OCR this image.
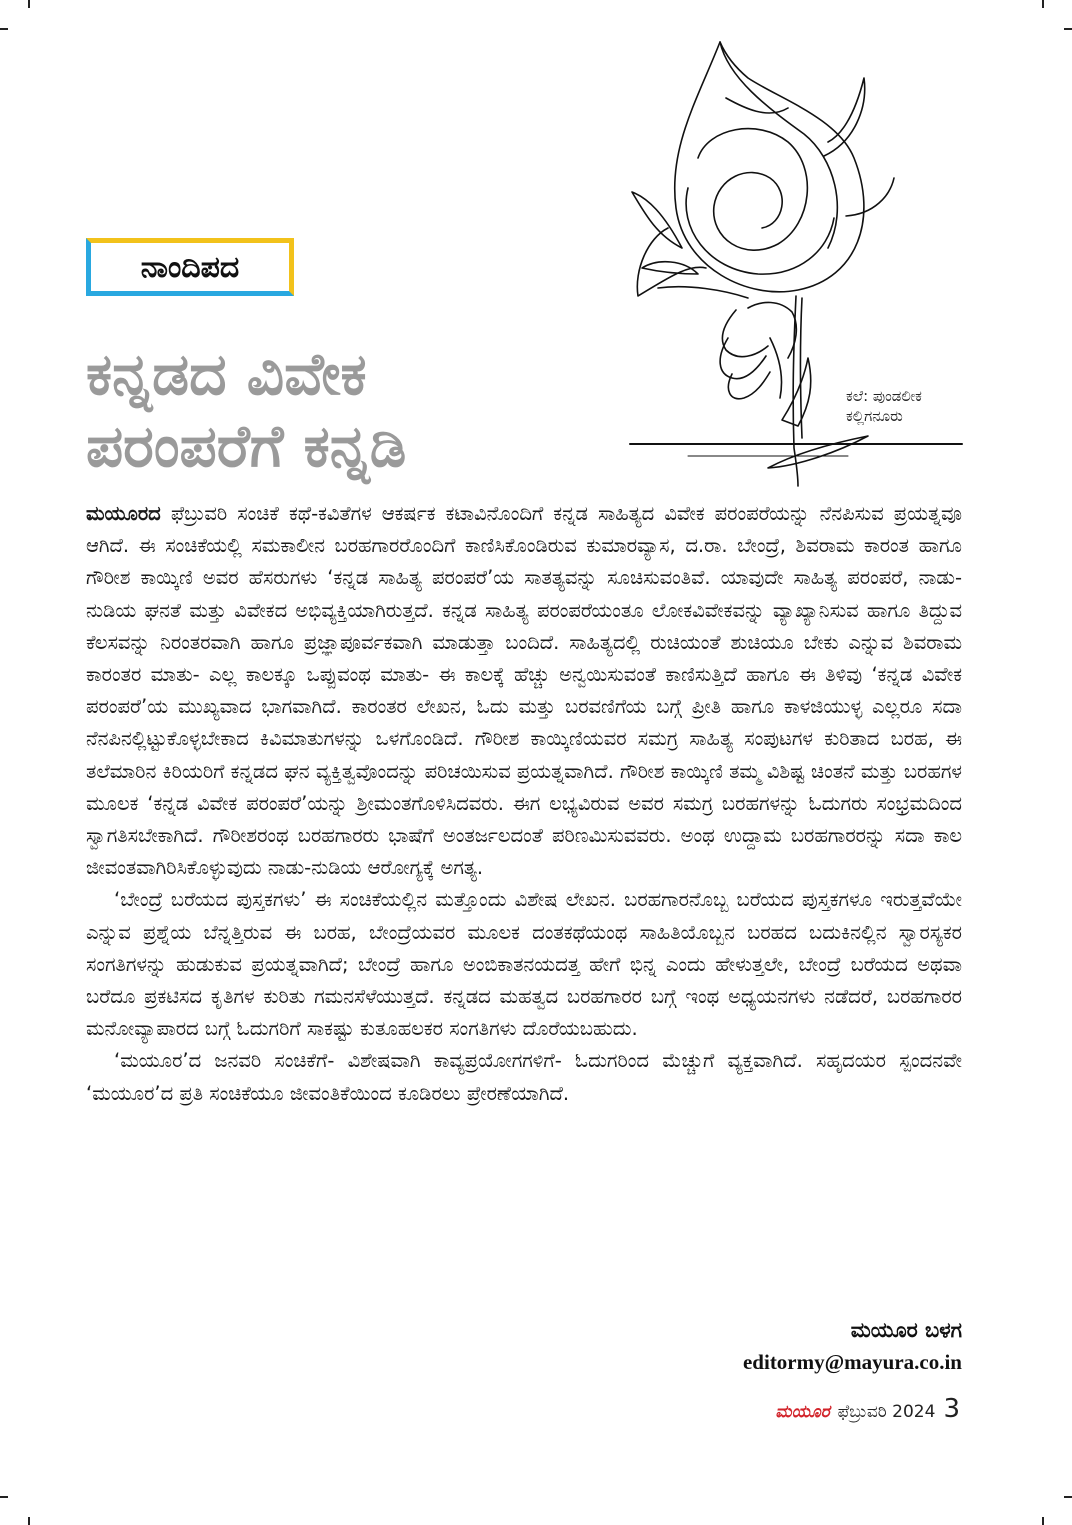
ನಾಂದಿಪದ
ಕನ್ನಡದ ವಿವೇಕ
ಪರಂಪರೆಗೆ ಕನ್ನಡಿ
ಕಲೆ: ಪುಂಡಲೀಕ
ಕಲ್ಲಿಗನೂರು

ಮಯೂರದ ಫೆಬ್ರುವರಿ ಸಂಚಿಕೆ ಕಥೆ-ಕವಿತೆಗಳ ಆಕರ್ಷಕ ಕಟಾವಿನೊಂದಿಗೆ ಕನ್ನಡ ಸಾಹಿತ್ಯದ ವಿವೇಕ ಪರಂಪರೆಯನ್ನು ನೆನಪಿಸುವ ಪ್ರಯತ್ನವೂ ಆಗಿದೆ. ಈ ಸಂಚಿಕೆಯಲ್ಲಿ ಸಮಕಾಲೀನ ಬರಹಗಾರರೊಂದಿಗೆ ಕಾಣಿಸಿಕೊಂಡಿರುವ ಕುಮಾರವ್ಯಾಸ, ದ.ರಾ. ಬೇಂದ್ರೆ, ಶಿವರಾಮ ಕಾರಂತ ಹಾಗೂ ಗೌರೀಶ ಕಾಯ್ಕಿಣಿ ಅವರ ಹೆಸರುಗಳು ‘ಕನ್ನಡ ಸಾಹಿತ್ಯ ಪರಂಪರೆ’ಯ ಸಾತತ್ಯವನ್ನು ಸೂಚಿಸುವಂತಿವೆ. ಯಾವುದೇ ಸಾಹಿತ್ಯ ಪರಂಪರೆ, ನಾಡು-ನುಡಿಯ ಘನತೆ ಮತ್ತು ವಿವೇಕದ ಅಭಿವ್ಯಕ್ತಿಯಾಗಿರುತ್ತದೆ. ಕನ್ನಡ ಸಾಹಿತ್ಯ ಪರಂಪರೆಯಂತೂ ಲೋಕವಿವೇಕವನ್ನು ವ್ಯಾಖ್ಯಾನಿಸುವ ಹಾಗೂ ತಿದ್ದುವ ಕೆಲಸವನ್ನು ನಿರಂತರವಾಗಿ ಹಾಗೂ ಪ್ರಜ್ಞಾಪೂರ್ವಕವಾಗಿ ಮಾಡುತ್ತಾ ಬಂದಿದೆ. ಸಾಹಿತ್ಯದಲ್ಲಿ ರುಚಿಯಂತೆ ಶುಚಿಯೂ ಬೇಕು ಎನ್ನುವ ಶಿವರಾಮ ಕಾರಂತರ ಮಾತು- ಎಲ್ಲ ಕಾಲಕ್ಕೂ ಒಪ್ಪುವಂಥ ಮಾತು- ಈ ಕಾಲಕ್ಕೆ ಹೆಚ್ಚು ಅನ್ವಯಿಸುವಂತೆ ಕಾಣಿಸುತ್ತಿದೆ ಹಾಗೂ ಈ ತಿಳಿವು ‘ಕನ್ನಡ ವಿವೇಕ ಪರಂಪರೆ’ಯ ಮುಖ್ಯವಾದ ಭಾಗವಾಗಿದೆ. ಕಾರಂತರ ಲೇಖನ, ಓದು ಮತ್ತು ಬರವಣಿಗೆಯ ಬಗ್ಗೆ ಪ್ರೀತಿ ಹಾಗೂ ಕಾಳಜಿಯುಳ್ಳ ಎಲ್ಲರೂ ಸದಾ ನೆನಪಿನಲ್ಲಿಟ್ಟುಕೊಳ್ಳಬೇಕಾದ ಕಿವಿಮಾತುಗಳನ್ನು ಒಳಗೊಂಡಿದೆ. ಗೌರೀಶ ಕಾಯ್ಕಿಣಿಯವರ ಸಮಗ್ರ ಸಾಹಿತ್ಯ ಸಂಪುಟಗಳ ಕುರಿತಾದ ಬರಹ, ಈ ತಲೆಮಾರಿನ ಕಿರಿಯರಿಗೆ ಕನ್ನಡದ ಘನ ವ್ಯಕ್ತಿತ್ವವೊಂದನ್ನು ಪರಿಚಯಿಸುವ ಪ್ರಯತ್ನವಾಗಿದೆ. ಗೌರೀಶ ಕಾಯ್ಕಿಣಿ ತಮ್ಮ ವಿಶಿಷ್ಟ ಚಿಂತನೆ ಮತ್ತು ಬರಹಗಳ ಮೂಲಕ ‘ಕನ್ನಡ ವಿವೇಕ ಪರಂಪರೆ’ಯನ್ನು ಶ್ರೀಮಂತಗೊಳಿಸಿದವರು. ಈಗ ಲಭ್ಯವಿರುವ ಅವರ ಸಮಗ್ರ ಬರಹಗಳನ್ನು ಓದುಗರು ಸಂಭ್ರಮದಿಂದ ಸ್ವಾಗತಿಸಬೇಕಾಗಿದೆ. ಗೌರೀಶರಂಥ ಬರಹಗಾರರು ಭಾಷೆಗೆ ಅಂತರ್ಜಲದಂತೆ ಪರಿಣಮಿಸುವವರು. ಅಂಥ ಉದ್ದಾಮ ಬರಹಗಾರರನ್ನು ಸದಾ ಕಾಲ ಜೀವಂತವಾಗಿರಿಸಿಕೊಳ್ಳುವುದು ನಾಡು-ನುಡಿಯ ಆರೋಗ್ಯಕ್ಕೆ ಅಗತ್ಯ.

‘ಬೇಂದ್ರೆ ಬರೆಯದ ಪುಸ್ತಕಗಳು’ ಈ ಸಂಚಿಕೆಯಲ್ಲಿನ ಮತ್ತೊಂದು ವಿಶೇಷ ಲೇಖನ. ಬರಹಗಾರನೊಬ್ಬ ಬರೆಯದ ಪುಸ್ತಕಗಳೂ ಇರುತ್ತವೆಯೇ ಎನ್ನುವ ಪ್ರಶ್ನೆಯ ಬೆನ್ನತ್ತಿರುವ ಈ ಬರಹ, ಬೇಂದ್ರೆಯವರ ಮೂಲಕ ದಂತಕಥೆಯಂಥ ಸಾಹಿತಿಯೊಬ್ಬನ ಬರಹದ ಬದುಕಿನಲ್ಲಿನ ಸ್ವಾರಸ್ಯಕರ ಸಂಗತಿಗಳನ್ನು ಹುಡುಕುವ ಪ್ರಯತ್ನವಾಗಿದೆ; ಬೇಂದ್ರೆ ಹಾಗೂ ಅಂಬಿಕಾತನಯದತ್ತ ಹೇಗೆ ಭಿನ್ನ ಎಂದು ಹೇಳುತ್ತಲೇ, ಬೇಂದ್ರೆ ಬರೆಯದ ಅಥವಾ ಬರೆದೂ ಪ್ರಕಟಿಸದ ಕೃತಿಗಳ ಕುರಿತು ಗಮನಸೆಳೆಯುತ್ತದೆ. ಕನ್ನಡದ ಮಹತ್ವದ ಬರಹಗಾರರ ಬಗ್ಗೆ ಇಂಥ ಅಧ್ಯಯನಗಳು ನಡೆದರೆ, ಬರಹಗಾರರ ಮನೋವ್ಯಾಪಾರದ ಬಗ್ಗೆ ಓದುಗರಿಗೆ ಸಾಕಷ್ಟು ಕುತೂಹಲಕರ ಸಂಗತಿಗಳು ದೊರೆಯಬಹುದು.

‘ಮಯೂರ’ದ ಜನವರಿ ಸಂಚಿಕೆಗೆ- ವಿಶೇಷವಾಗಿ ಕಾವ್ಯಪ್ರಯೋಗಗಳಿಗೆ- ಓದುಗರಿಂದ ಮೆಚ್ಚುಗೆ ವ್ಯಕ್ತವಾಗಿದೆ. ಸಹೃದಯರ ಸ್ಪಂದನವೇ ‘ಮಯೂರ’ದ ಪ್ರತಿ ಸಂಚಿಕೆಯೂ ಜೀವಂತಿಕೆಯಿಂದ ಕೂಡಿರಲು ಪ್ರೇರಣೆಯಾಗಿದೆ.

ಮಯೂರ ಬಳಗ
editormy@mayura.co.in
ಮಯೂರ ಫೆಬ್ರುವರಿ 2024 3
